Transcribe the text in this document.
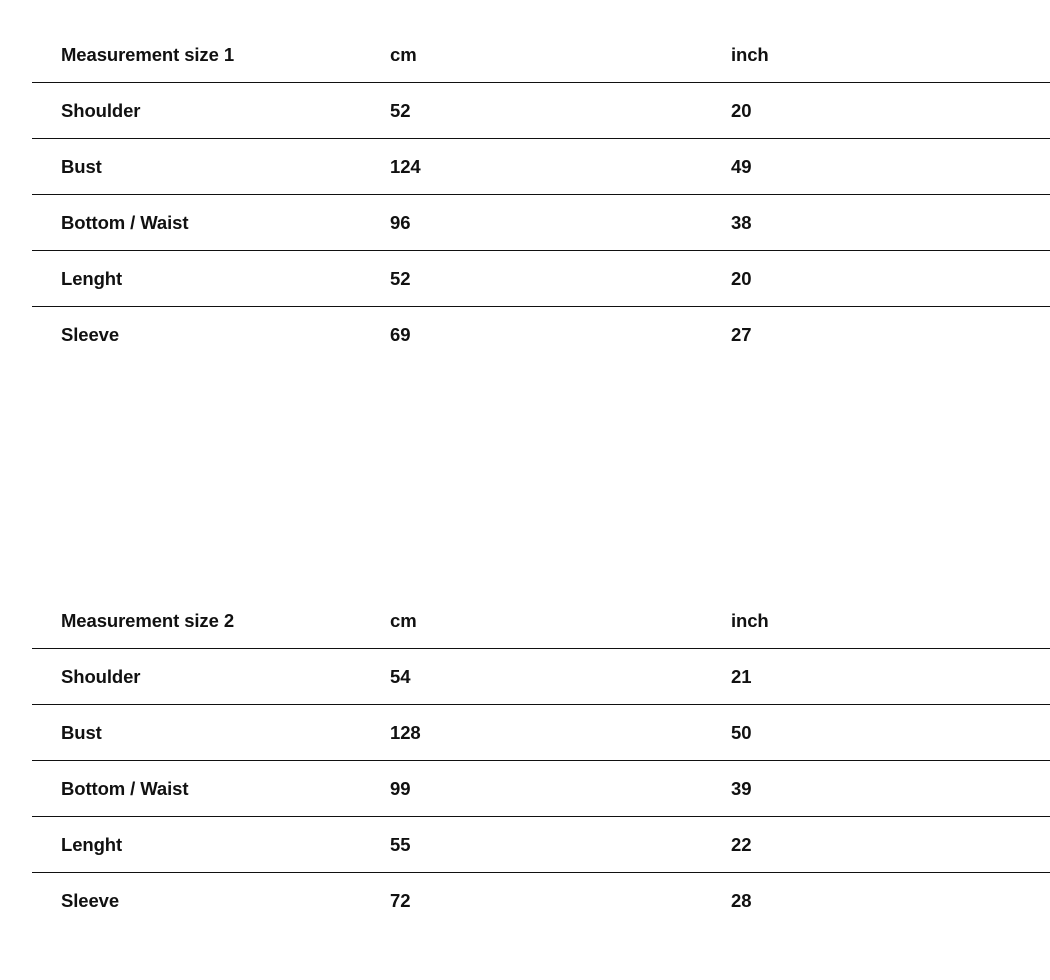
Measurement size 1	cm	inch
Shoulder	52	20
Bust	124	49
Bottom / Waist	96	38
Lenght	52	20
Sleeve	69	27
Measurement size 2	cm	inch
Shoulder	54	21
Bust	128	50
Bottom / Waist	99	39
Lenght	55	22
Sleeve	72	28
